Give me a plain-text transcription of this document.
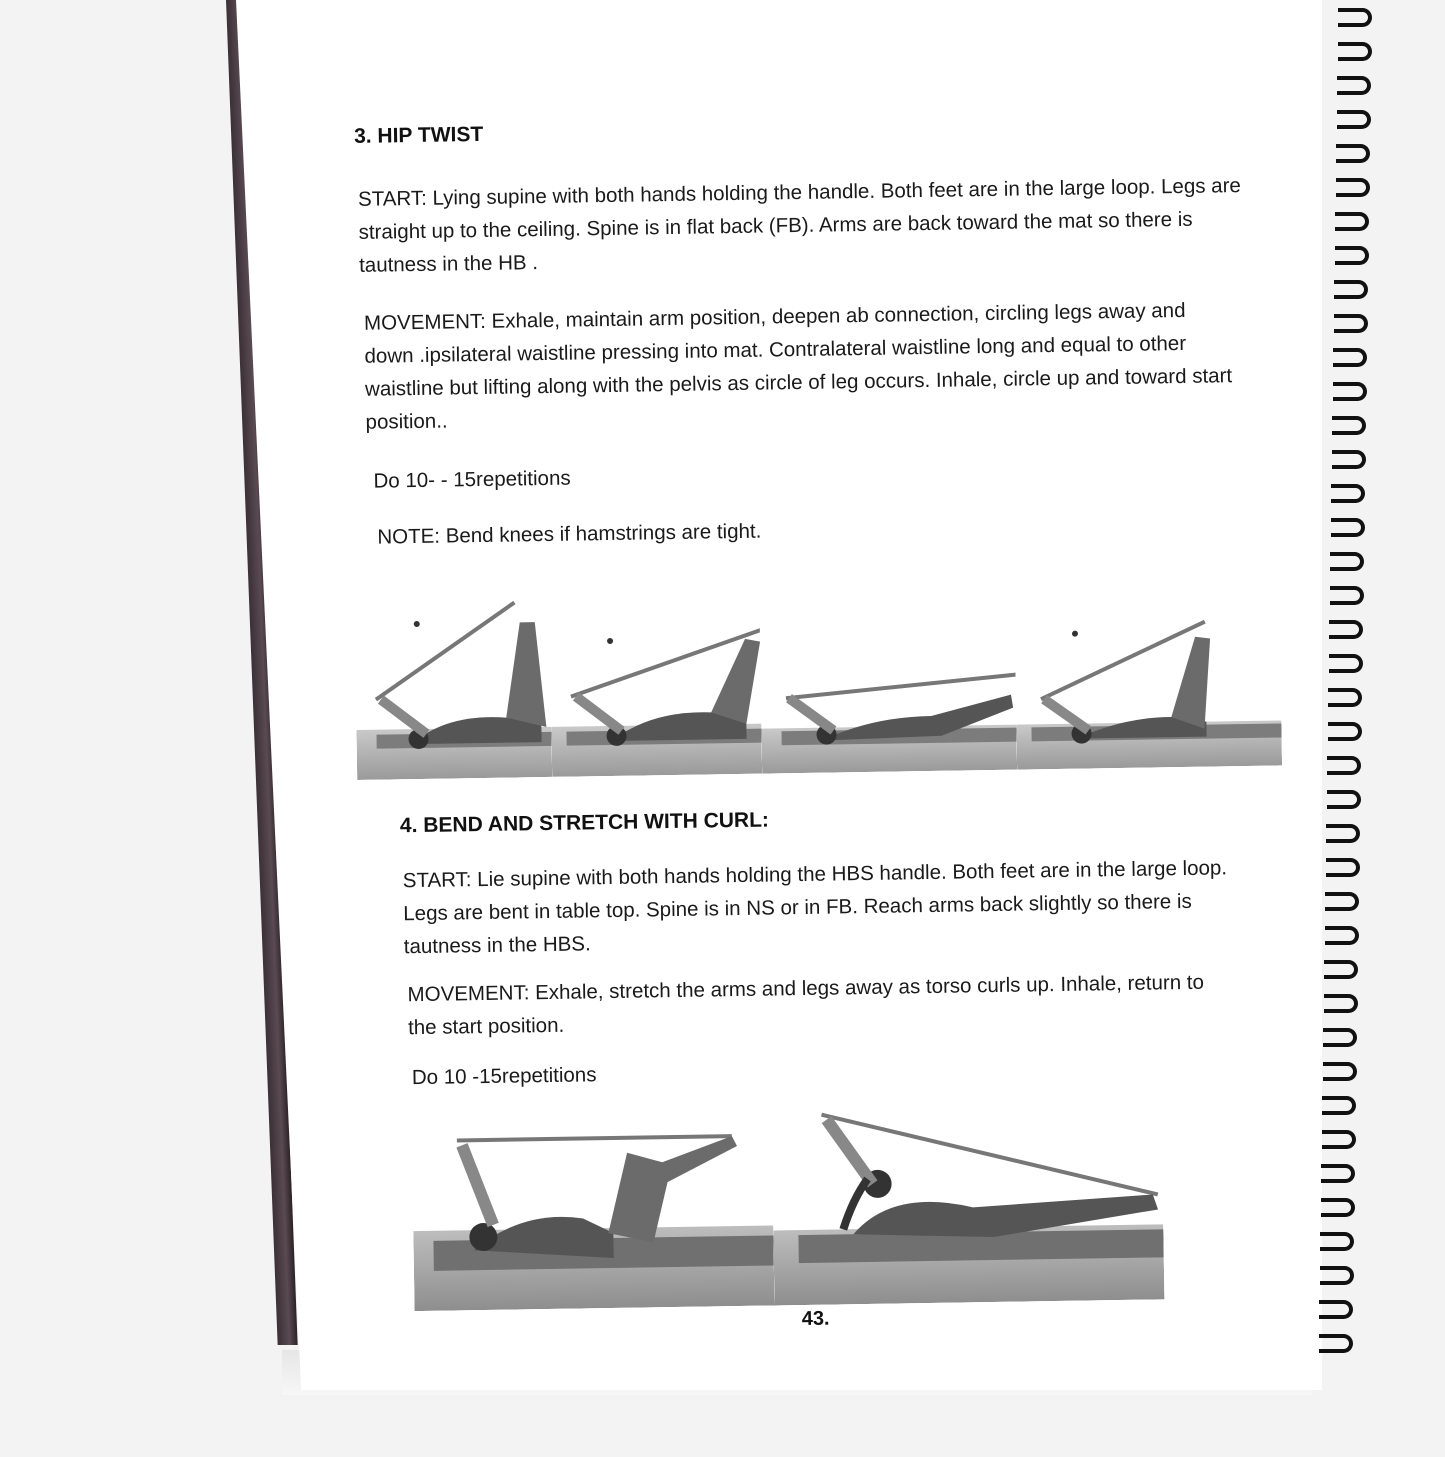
3. HIP TWIST
START: Lying supine with both hands holding the handle. Both feet are in the large loop. Legs are straight up to the ceiling. Spine is in flat back (FB). Arms are back toward the mat so there is tautness in the HB .
MOVEMENT: Exhale, maintain arm position, deepen ab connection, circling legs away and down .ipsilateral waistline pressing into mat. Contralateral waistline long and equal to other waistline but lifting along with the pelvis as circle of leg occurs. Inhale, circle up and toward start position..
Do 10- - 15repetitions
NOTE: Bend knees if hamstrings are tight.
4. BEND AND STRETCH WITH CURL:
START: Lie supine with both hands holding the HBS handle. Both feet are in the large loop. Legs are bent in table top. Spine is in NS or in FB. Reach arms back slightly so there is tautness in the HBS.
MOVEMENT: Exhale, stretch the arms and legs away as torso curls up. Inhale, return to the start position.
Do 10 -15repetitions
43.
